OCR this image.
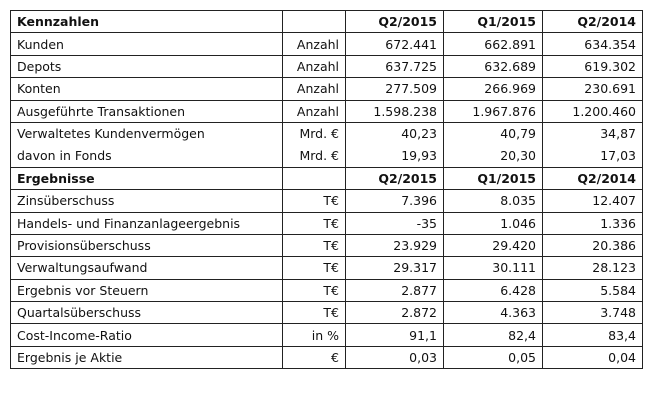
Kennzahlen		Q2/2015	Q1/2015	Q2/2014
Kunden	Anzahl	672.441	662.891	634.354
Depots	Anzahl	637.725	632.689	619.302
Konten	Anzahl	277.509	266.969	230.691
Ausgeführte Transaktionen	Anzahl	1.598.238	1.967.876	1.200.460
Verwaltetes Kundenvermögen	Mrd. €	40,23	40,79	34,87
davon in Fonds	Mrd. €	19,93	20,30	17,03
Ergebnisse		Q2/2015	Q1/2015	Q2/2014
Zinsüberschuss	T€	7.396	8.035	12.407
Handels- und Finanzanlageergebnis	T€	-35	1.046	1.336
Provisionsüberschuss	T€	23.929	29.420	20.386
Verwaltungsaufwand	T€	29.317	30.111	28.123
Ergebnis vor Steuern	T€	2.877	6.428	5.584
Quartalsüberschuss	T€	2.872	4.363	3.748
Cost-Income-Ratio	in %	91,1	82,4	83,4
Ergebnis je Aktie	€	0,03	0,05	0,04
